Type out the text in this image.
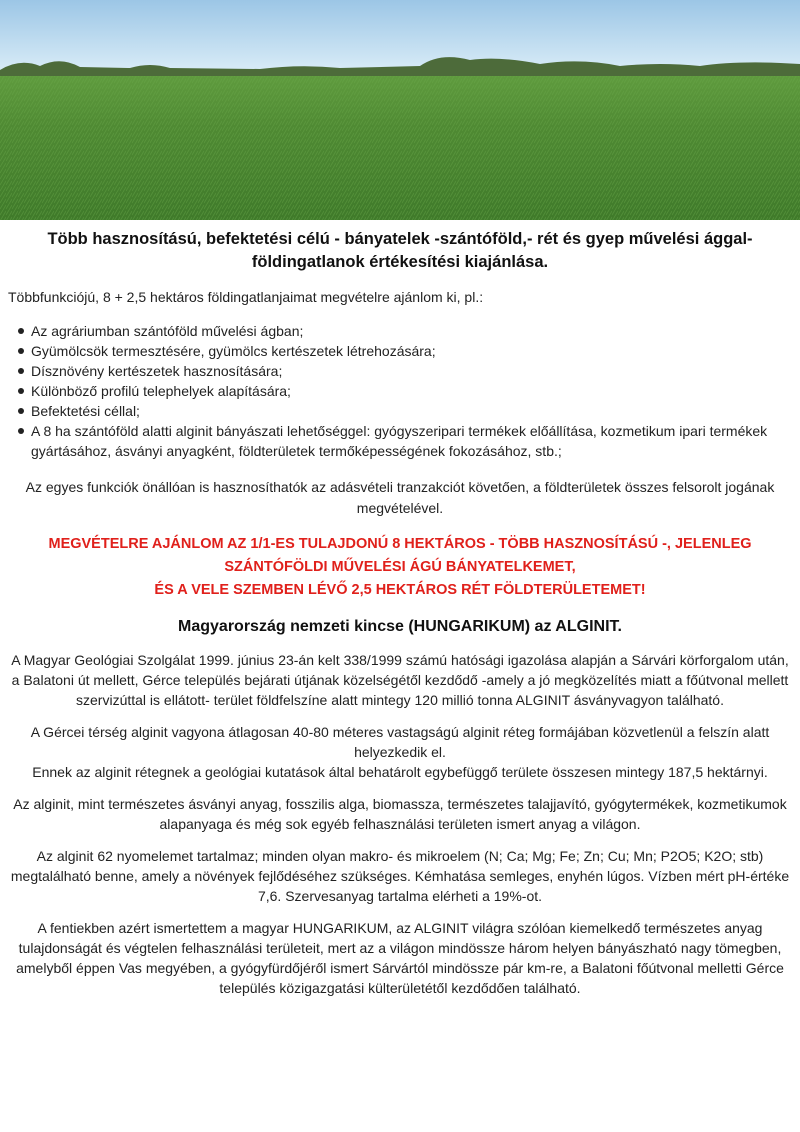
Több hasznosítású, befektetési célú - bányatelek -szántóföld,- rét és gyep művelési ággal- földingatlanok értékesítési kiajánlása.
Többfunkciójú, 8 + 2,5 hektáros földingatlanjaimat megvételre ajánlom ki, pl.:
Az agráriumban szántóföld művelési ágban;
Gyümölcsök termesztésére, gyümölcs kertészetek létrehozására;
Dísznövény kertészetek hasznosítására;
Különböző profilú telephelyek alapítására;
Befektetési céllal;
A 8 ha szántóföld alatti alginit bányászati lehetőséggel: gyógyszeripari termékek előállítása, kozmetikum ipari termékek gyártásához, ásványi anyagként, földterületek termőképességének fokozásához, stb.;
Az egyes funkciók önállóan is hasznosíthatók az adásvételi tranzakciót követően, a földterületek összes felsorolt jogának megvételével.
MEGVÉTELRE AJÁNLOM AZ 1/1-ES TULAJDONÚ 8 HEKTÁROS - TÖBB HASZNOSÍTÁSÚ -, JELENLEG SZÁNTÓFÖLDI MŰVELÉSI ÁGÚ BÁNYATELKEMET,
ÉS A VELE SZEMBEN LÉVŐ 2,5 HEKTÁROS RÉT FÖLDTERÜLETEMET!
Magyarország nemzeti kincse (HUNGARIKUM) az ALGINIT.
A Magyar Geológiai Szolgálat 1999. június 23-án kelt 338/1999 számú hatósági igazolása alapján a Sárvári körforgalom után, a Balatoni út mellett, Gérce település bejárati útjának közelségétől kezdődő -amely a jó megközelítés miatt a főútvonal mellett szervizúttal is ellátott- terület földfelszíne alatt mintegy 120 millió tonna ALGINIT ásványvagyon található.
A Gércei térség alginit vagyona átlagosan 40-80 méteres vastagságú alginit réteg formájában közvetlenül a felszín alatt helyezkedik el.
Ennek az alginit rétegnek a geológiai kutatások által behatárolt egybefüggő területe összesen mintegy 187,5 hektárnyi.
Az alginit, mint természetes ásványi anyag, fosszilis alga, biomassza, természetes talajjavító, gyógytermékek, kozmetikumok alapanyaga és még sok egyéb felhasználási területen ismert anyag a világon.
Az alginit 62 nyomelemet tartalmaz; minden olyan makro- és mikroelem (N; Ca; Mg; Fe; Zn; Cu; Mn; P2O5; K2O; stb) megtalálható benne, amely a növények fejlődéséhez szükséges. Kémhatása semleges, enyhén lúgos. Vízben mért pH-értéke 7,6. Szervesanyag tartalma elérheti a 19%-ot.
A fentiekben azért ismertettem a magyar HUNGARIKUM, az ALGINIT világra szólóan kiemelkedő természetes anyag tulajdonságát és végtelen felhasználási területeit, mert az a világon mindössze három helyen bányászható nagy tömegben, amelyből éppen Vas megyében, a gyógyfürdőjéről ismert Sárvártól mindössze pár km-re, a Balatoni főútvonal melletti Gérce település közigazgatási külterületétől kezdődően található.
